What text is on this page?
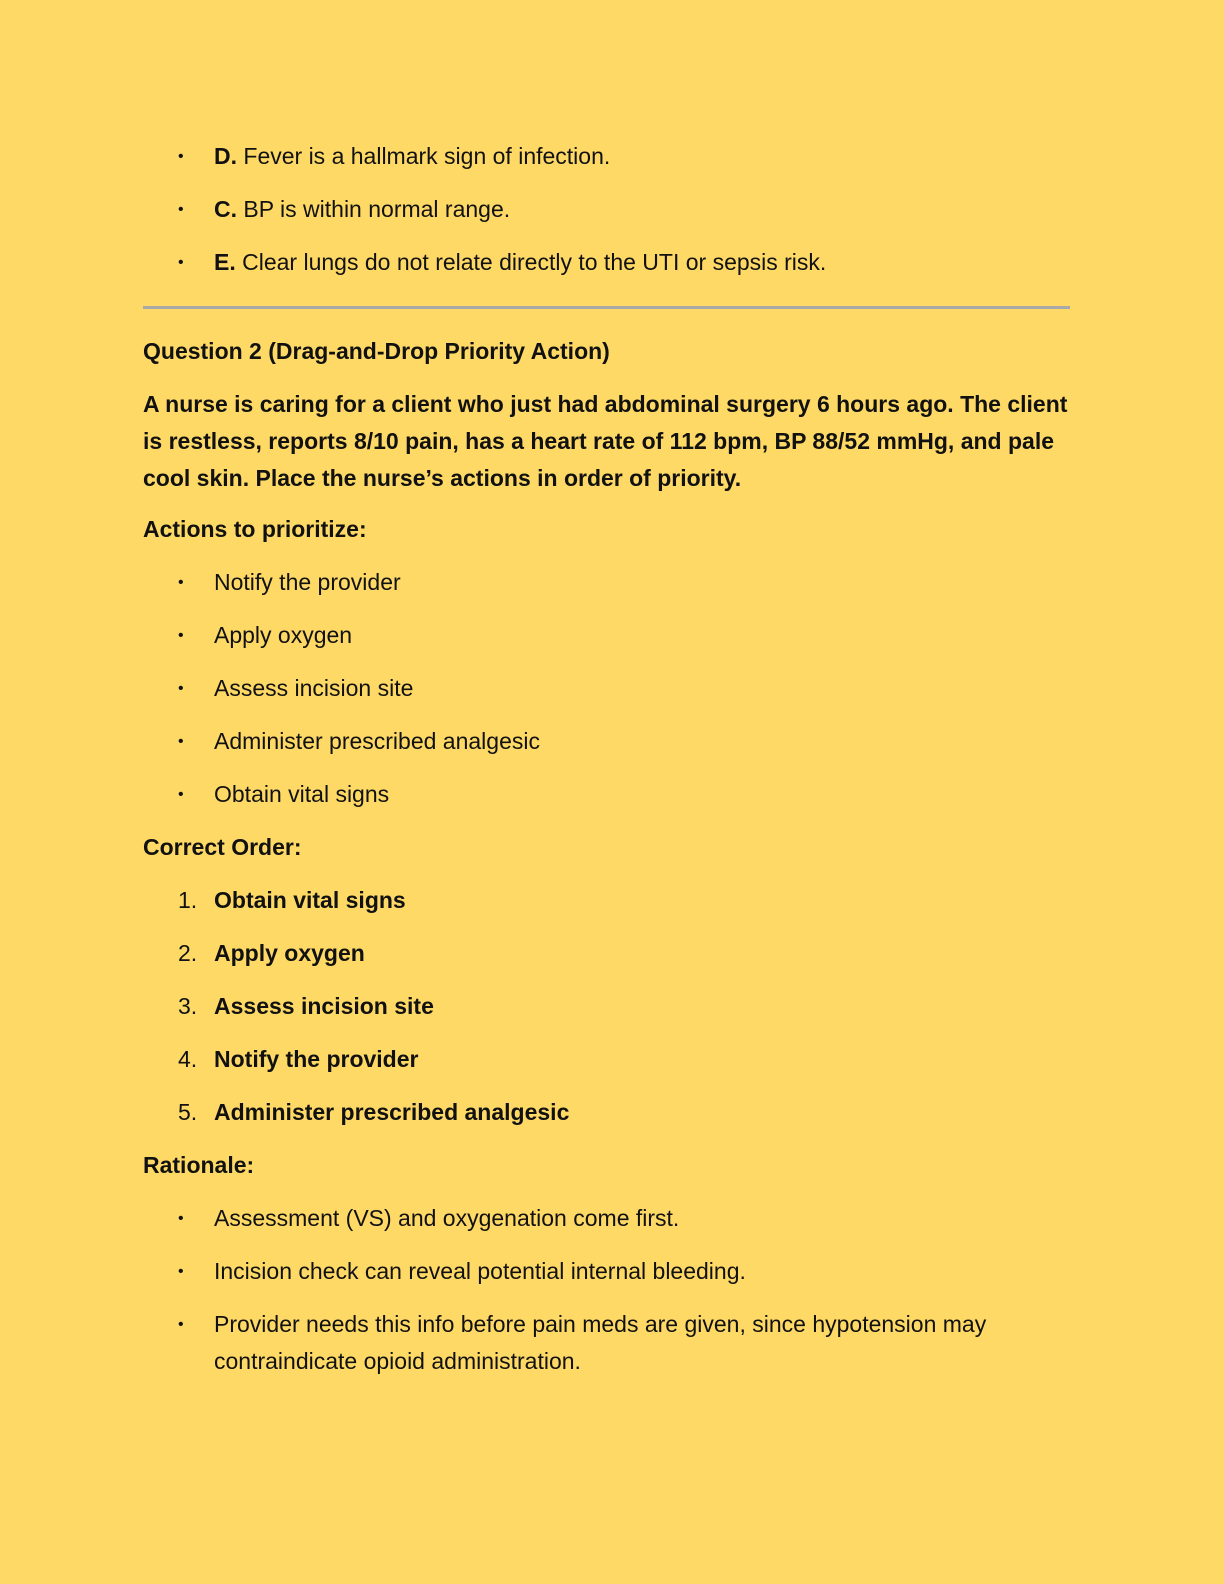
• D. Fever is a hallmark sign of infection.
• C. BP is within normal range.
• E. Clear lungs do not relate directly to the UTI or sepsis risk.

Question 2 (Drag-and-Drop Priority Action)

A nurse is caring for a client who just had abdominal surgery 6 hours ago. The client is restless, reports 8/10 pain, has a heart rate of 112 bpm, BP 88/52 mmHg, and pale cool skin. Place the nurse’s actions in order of priority.

Actions to prioritize:

• Notify the provider
• Apply oxygen
• Assess incision site
• Administer prescribed analgesic
• Obtain vital signs

Correct Order:

1. Obtain vital signs
2. Apply oxygen
3. Assess incision site
4. Notify the provider
5. Administer prescribed analgesic

Rationale:

• Assessment (VS) and oxygenation come first.
• Incision check can reveal potential internal bleeding.
• Provider needs this info before pain meds are given, since hypotension may contraindicate opioid administration.
